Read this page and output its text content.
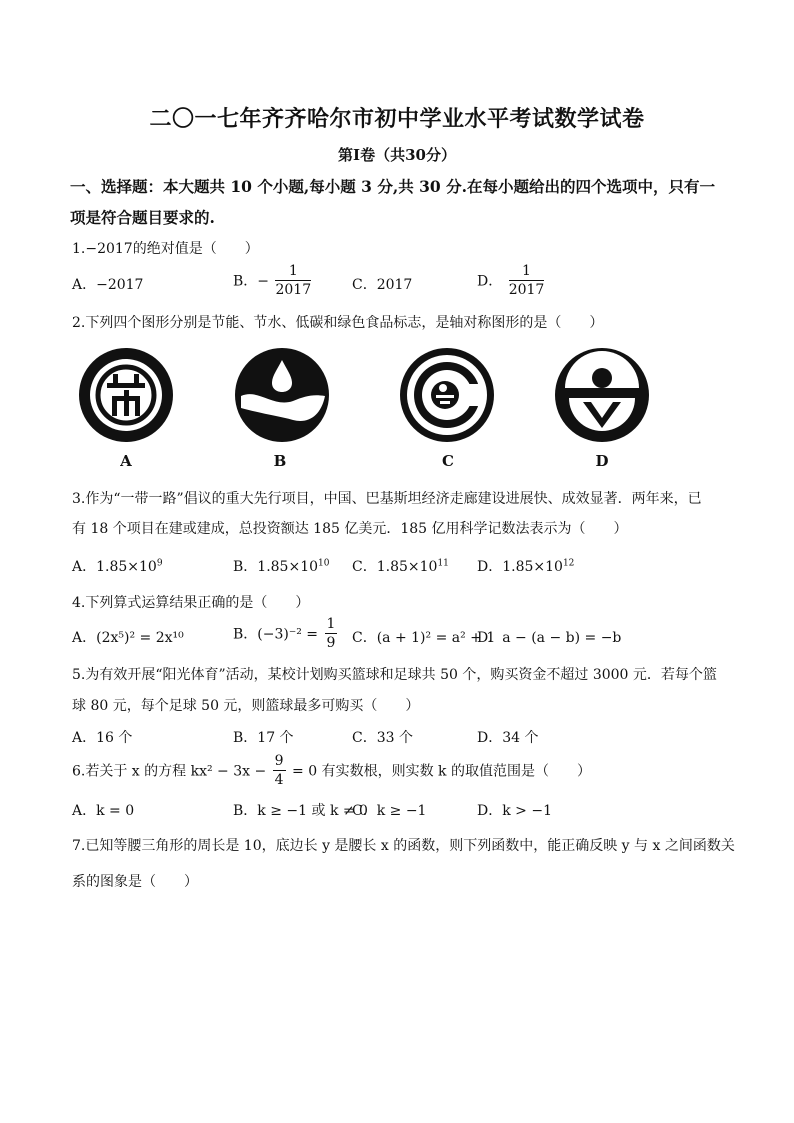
二〇一七年齐齐哈尔市初中学业水平考试数学试卷
第Ⅰ卷（共30分）
一、选择题：本大题共 10 个小题,每小题 3 分,共 30 分.在每小题给出的四个选项中，只有一
项是符合题目要求的.
1.−2017的绝对值是（　　）
A．−2017	B．− $\frac{1}{2017}$	C．2017	D． $\frac{1}{2017}$
2.下列四个图形分别是节能、节水、低碳和绿色食品标志，是轴对称图形的是（　　）
A	B	C	D
3.作为“一带一路”倡议的重大先行项目，中国、巴基斯坦经济走廊建设进展快、成效显著．两年来，已
有 18 个项目在建或建成，总投资额达 185 亿美元．185 亿用科学记数法表示为（　　）
A．$1.85\times 10^9$	B．$1.85\times 10^{10}$ C．$1.85\times 10^{11}$ D．$1.85\times 10^{12}$
4.下列算式运算结果正确的是（　　）
A．(2x⁵)² = 2x¹⁰	B．$(-3)^{-2} = \frac{1}{9}$ C．(a + 1)² = a² + 1
D．a − (a − b) = −b
5.为有效开展“阳光体育”活动，某校计划购买篮球和足球共 50 个，购买资金不超过 3000 元．若每个篮
球 80 元，每个足球 50 元，则篮球最多可购买（　　）
A．16 个	B．17 个	C．33 个	D．34 个
6.若关于 x 的方程 $kx^2 - 3x - \frac{9}{4} = 0$ 有实数根，则实数 k 的取值范围是（　　）
A．k = 0	B．k ≥ −1 或 k ≠ 0
C．k ≥ −1	D．k > −1
7.已知等腰三角形的周长是 10，底边长 y 是腰长 x 的函数，则下列函数中，能正确反映 y 与 x 之间函数关
系的图象是（　　）
